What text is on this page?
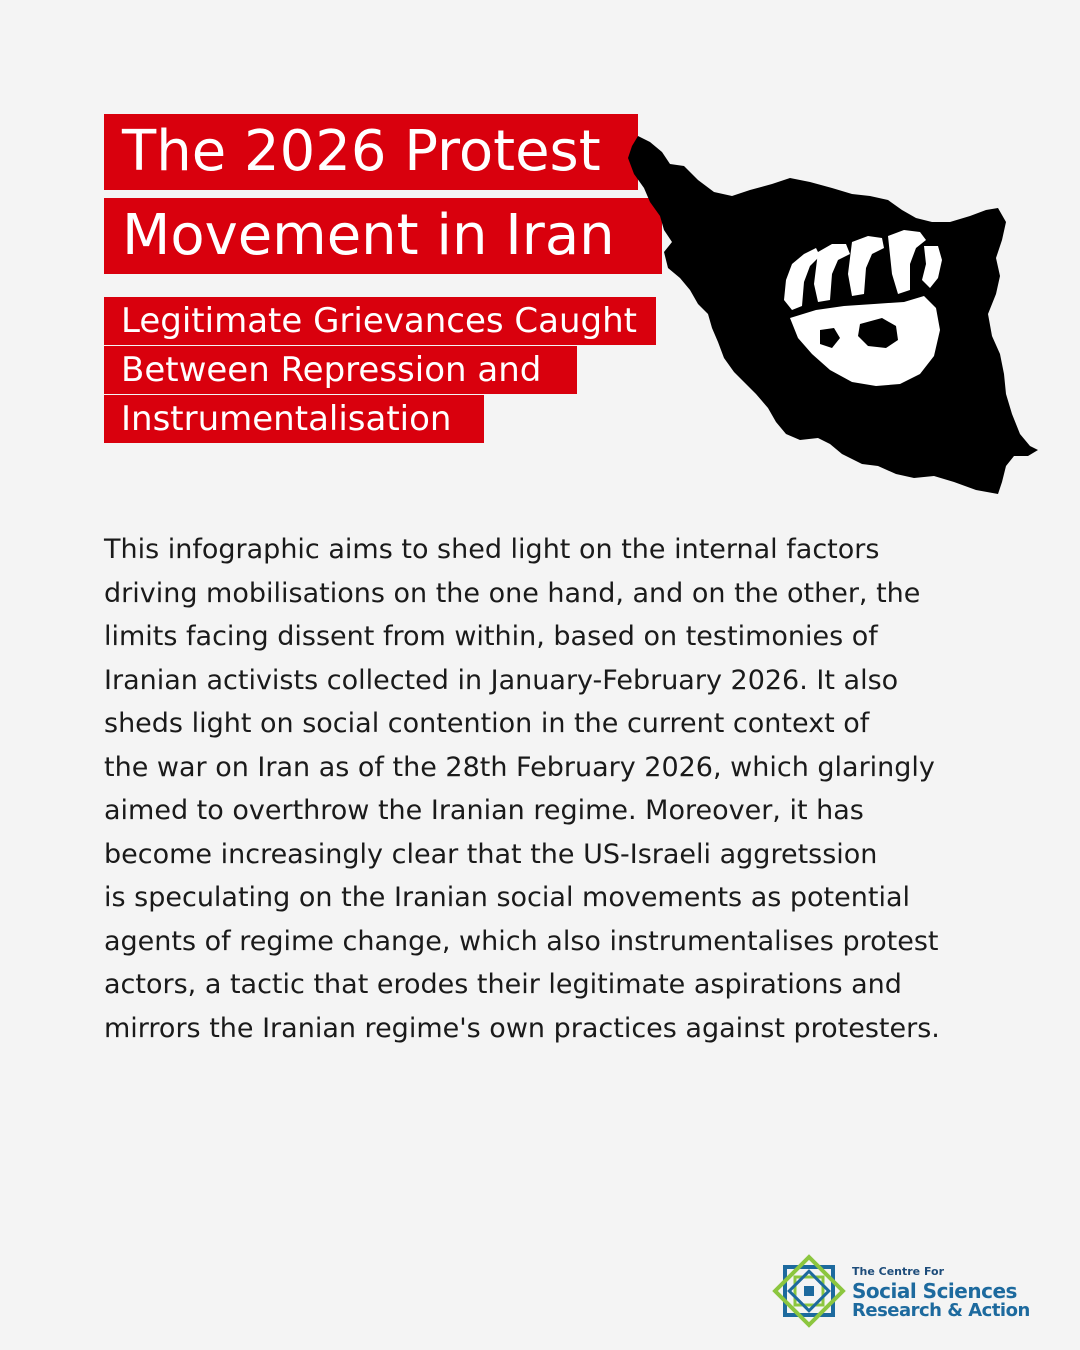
The 2026 Protest
Movement in Iran
Legitimate Grievances Caught
Between Repression and
Instrumentalisation
This infographic aims to shed light on the internal factors
driving mobilisations on the one hand, and on the other, the
limits facing dissent from within, based on testimonies of
Iranian activists collected in January-February 2026. It also
sheds light on social contention in the current context of
the war on Iran as of the 28th February 2026, which glaringly
aimed to overthrow the Iranian regime. Moreover, it has
become increasingly clear that the US-Israeli aggretssion
is speculating on the Iranian social movements as potential
agents of regime change, which also instrumentalises protest
actors, a tactic that erodes their legitimate aspirations and
mirrors the Iranian regime's own practices against protesters.
The Centre For
Social Sciences
Research & Action
